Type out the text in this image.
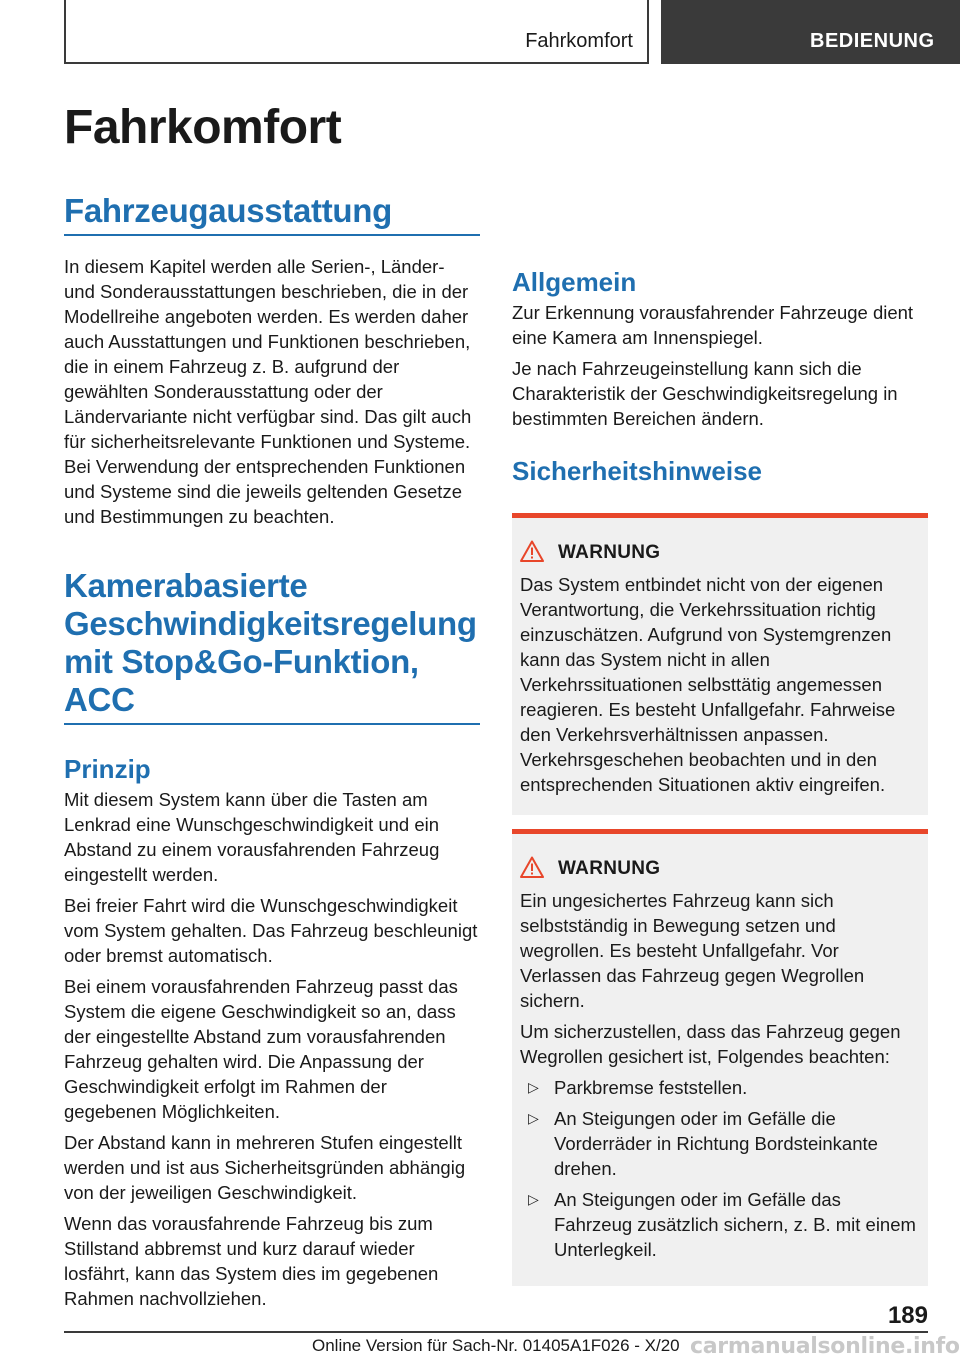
Fahrkomfort	BEDIENUNG
Fahrkomfort
Fahrzeugausstattung

In diesem Kapitel werden alle Serien-, Länder- und Sonderausstattungen beschrieben, die in der Modellreihe angeboten werden. Es werden daher auch Ausstattungen und Funktionen beschrieben, die in einem Fahrzeug z. B. aufgrund der gewählten Sonderausstattung oder der Ländervariante nicht verfügbar sind. Das gilt auch für sicherheitsrelevante Funktionen und Systeme. Bei Verwendung der entsprechenden Funktionen und Systeme sind die jeweils geltenden Gesetze und Bestimmungen zu beachten.

Kamerabasierte Geschwindigkeitsregelung mit Stop&Go-Funktion, ACC
Prinzip

Mit diesem System kann über die Tasten am Lenkrad eine Wunschgeschwindigkeit und ein Abstand zu einem vorausfahrenden Fahrzeug eingestellt werden.

Bei freier Fahrt wird die Wunschgeschwindigkeit vom System gehalten. Das Fahrzeug beschleunigt oder bremst automatisch.

Bei einem vorausfahrenden Fahrzeug passt das System die eigene Geschwindigkeit so an, dass der eingestellte Abstand zum vorausfahrenden Fahrzeug gehalten wird. Die Anpassung der Geschwindigkeit erfolgt im Rahmen der gegebenen Möglichkeiten.

Der Abstand kann in mehreren Stufen eingestellt werden und ist aus Sicherheitsgründen abhängig von der jeweiligen Geschwindigkeit.

Wenn das vorausfahrende Fahrzeug bis zum Stillstand abbremst und kurz darauf wieder losfährt, kann das System dies im gegebenen Rahmen nachvollziehen.

Allgemein

Zur Erkennung vorausfahrender Fahrzeuge dient eine Kamera am Innenspiegel.

Je nach Fahrzeugeinstellung kann sich die Charakteristik der Geschwindigkeitsregelung in bestimmten Bereichen ändern.

Sicherheitshinweise
WARNUNG

Das System entbindet nicht von der eigenen Verantwortung, die Verkehrssituation richtig einzuschätzen. Aufgrund von Systemgrenzen kann das System nicht in allen Verkehrssituationen selbsttätig angemessen reagieren. Es besteht Unfallgefahr. Fahrweise den Verkehrsverhältnissen anpassen. Verkehrsgeschehen beobachten und in den entsprechenden Situationen aktiv eingreifen.

WARNUNG

Ein ungesichertes Fahrzeug kann sich selbstständig in Bewegung setzen und wegrollen. Es besteht Unfallgefahr. Vor Verlassen das Fahrzeug gegen Wegrollen sichern.

Um sicherzustellen, dass das Fahrzeug gegen Wegrollen gesichert ist, Folgendes beachten:

▷ Parkbremse feststellen.
▷ An Steigungen oder im Gefälle die Vorderräder in Richtung Bordsteinkante drehen.
▷ An Steigungen oder im Gefälle das Fahrzeug zusätzlich sichern, z. B. mit einem Unterlegkeil.
189
Online Version für Sach-Nr. 01405A1F026 - X/20 carmanualsonline.info
